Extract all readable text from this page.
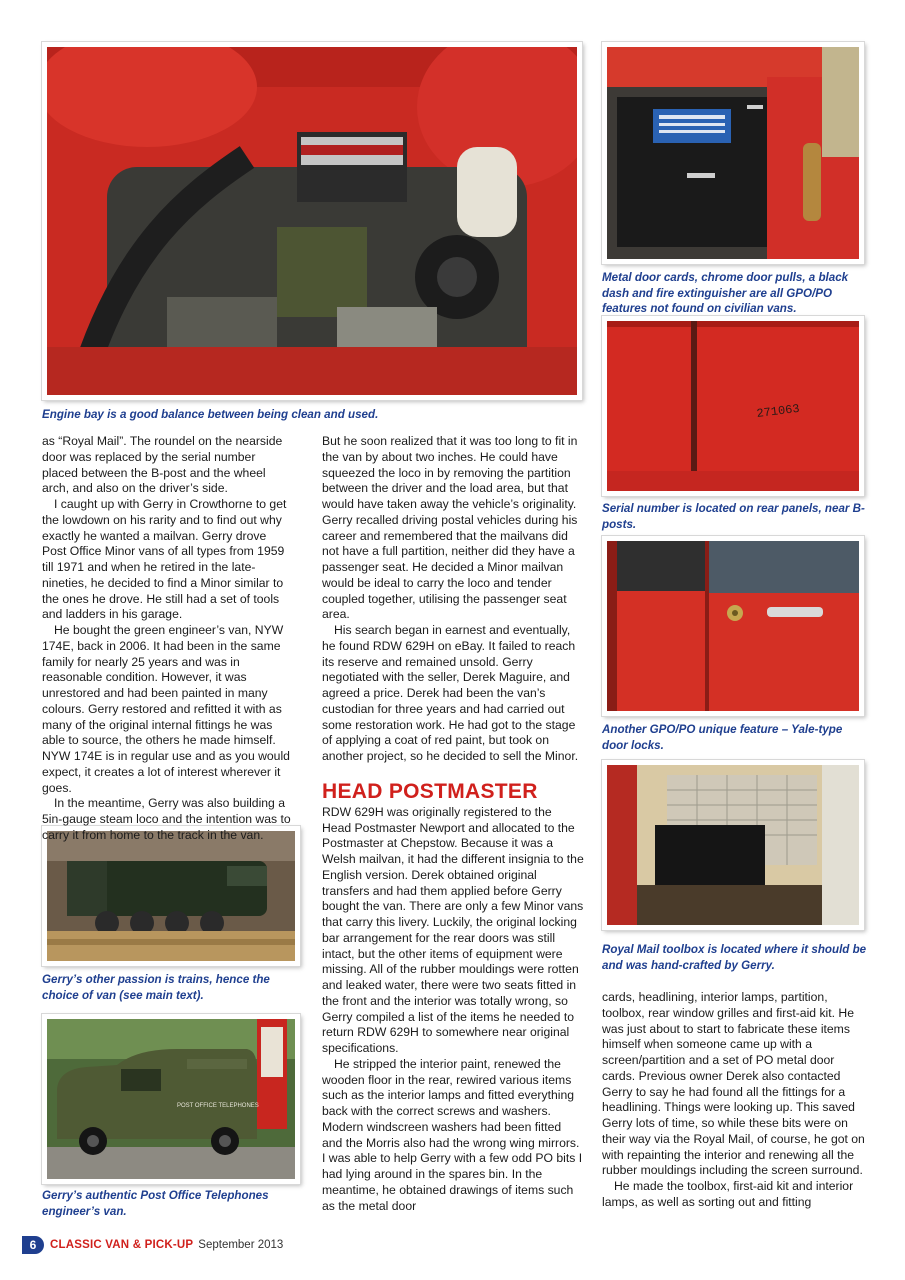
Engine bay is a good balance between being clean and used.
Metal door cards, chrome door pulls, a black dash and fire extinguisher are all GPO/PO features not found on civilian vans.
271063
Serial number is located on rear panels, near B-posts.
Another GPO/PO unique feature – Yale-type door locks.
Royal Mail toolbox is located where it should be and was hand-crafted by Gerry.
Gerry’s other passion is trains, hence the choice of van (see main text).
POST OFFICE TELEPHONES
Gerry’s authentic Post Office Telephones engineer’s van.

as “Royal Mail”. The roundel on the nearside door was replaced by the serial number placed between the B-post and the wheel arch, and also on the driver’s side.

I caught up with Gerry in Crowthorne to get the lowdown on his rarity and to find out why exactly he wanted a mailvan. Gerry drove Post Office Minor vans of all types from 1959 till 1971 and when he retired in the late-nineties, he decided to find a Minor similar to the ones he drove. He still had a set of tools and ladders in his garage.

He bought the green engineer’s van, NYW 174E, back in 2006. It had been in the same family for nearly 25 years and was in reasonable condition. However, it was unrestored and had been painted in many colours. Gerry restored and refitted it with as many of the original internal fittings he was able to source, the others he made himself. NYW 174E is in regular use and as you would expect, it creates a lot of interest wherever it goes.

In the meantime, Gerry was also building a 5in-gauge steam loco and the intention was to carry it from home to the track in the van.

But he soon realized that it was too long to fit in the van by about two inches. He could have squeezed the loco in by removing the partition between the driver and the load area, but that would have taken away the vehicle’s originality. Gerry recalled driving postal vehicles during his career and remembered that the mailvans did not have a full partition, neither did they have a passenger seat. He decided a Minor mailvan would be ideal to carry the loco and tender coupled together, utilising the passenger seat area.

His search began in earnest and eventually, he found RDW 629H on eBay. It failed to reach its reserve and remained unsold. Gerry negotiated with the seller, Derek Maguire, and agreed a price. Derek had been the van’s custodian for three years and had carried out some restoration work. He had got to the stage of applying a coat of red paint, but took on another project, so he decided to sell the Minor.

HEAD POSTMASTER

RDW 629H was originally registered to the Head Postmaster Newport and allocated to the Postmaster at Chepstow. Because it was a Welsh mailvan, it had the different insignia to the English version. Derek obtained original transfers and had them applied before Gerry bought the van. There are only a few Minor vans that carry this livery. Luckily, the original locking bar arrangement for the rear doors was still intact, but the other items of equipment were missing. All of the rubber mouldings were rotten and leaked water, there were two seats fitted in the front and the interior was totally wrong, so Gerry compiled a list of the items he needed to return RDW 629H to somewhere near original specifications.

He stripped the interior paint, renewed the wooden floor in the rear, rewired various items such as the interior lamps and fitted everything back with the correct screws and washers. Modern windscreen washers had been fitted and the Morris also had the wrong wing mirrors. I was able to help Gerry with a few odd PO bits I had lying around in the spares bin. In the meantime, he obtained drawings of items such as the metal door

cards, headlining, interior lamps, partition, toolbox, rear window grilles and first-aid kit. He was just about to start to fabricate these items himself when someone came up with a screen/partition and a set of PO metal door cards. Previous owner Derek also contacted Gerry to say he had found all the fittings for a headlining. Things were looking up. This saved Gerry lots of time, so while these bits were on their way via the Royal Mail, of course, he got on with repainting the interior and renewing all the rubber mouldings including the screen surround.

He made the toolbox, first-aid kit and interior lamps, as well as sorting out and fitting

6	CLASSIC VAN & PICK-UP September 2013
